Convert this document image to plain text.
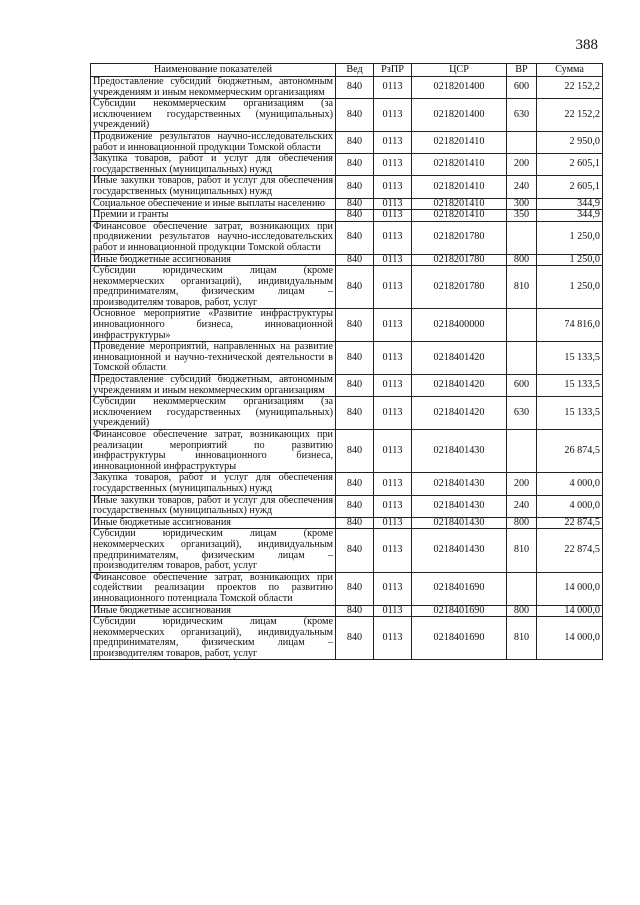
388
Наименование показателей	Вед	РзПР	ЦСР	ВР	Сумма
Предоставление субсидий бюджетным, автономным учреждениям и иным некоммерческим организациям	840	0113	0218201400	600	22 152,2
Субсидии некоммерческим организациям (за исключением государственных (муниципальных) учреждений)	840	0113	0218201400	630	22 152,2
Продвижение результатов научно-исследовательских работ и инновационной продукции Томской области	840	0113	0218201410		2 950,0
Закупка товаров, работ и услуг для обеспечения государственных (муниципальных) нужд	840	0113	0218201410	200	2 605,1
Иные закупки товаров, работ и услуг для обеспечения государственных (муниципальных) нужд	840	0113	0218201410	240	2 605,1
Социальное обеспечение и иные выплаты населению	840	0113	0218201410	300	344,9
Премии и гранты	840	0113	0218201410	350	344,9
Финансовое обеспечение затрат, возникающих при продвижении результатов научно-исследовательских работ и инновационной продукции Томской области	840	0113	0218201780		1 250,0
Иные бюджетные ассигнования	840	0113	0218201780	800	1 250,0
Субсидии юридическим лицам (кроме некоммерческих организаций), индивидуальным предпринимателям, физическим лицам – производителям товаров, работ, услуг	840	0113	0218201780	810	1 250,0
Основное мероприятие «Развитие инфраструктуры инновационного бизнеса, инновационной инфраструктуры»	840	0113	0218400000		74 816,0
Проведение мероприятий, направленных на развитие инновационной и научно-технической деятельности в Томской области	840	0113	0218401420		15 133,5
Предоставление субсидий бюджетным, автономным учреждениям и иным некоммерческим организациям	840	0113	0218401420	600	15 133,5
Субсидии некоммерческим организациям (за исключением государственных (муниципальных) учреждений)	840	0113	0218401420	630	15 133,5
Финансовое обеспечение затрат, возникающих при реализации мероприятий по развитию инфраструктуры инновационного бизнеса, инновационной инфраструктуры	840	0113	0218401430		26 874,5
Закупка товаров, работ и услуг для обеспечения государственных (муниципальных) нужд	840	0113	0218401430	200	4 000,0
Иные закупки товаров, работ и услуг для обеспечения государственных (муниципальных) нужд	840	0113	0218401430	240	4 000,0
Иные бюджетные ассигнования	840	0113	0218401430	800	22 874,5
Субсидии юридическим лицам (кроме некоммерческих организаций), индивидуальным предпринимателям, физическим лицам – производителям товаров, работ, услуг	840	0113	0218401430	810	22 874,5
Финансовое обеспечение затрат, возникающих при содействии реализации проектов по развитию инновационного потенциала Томской области	840	0113	0218401690		14 000,0
Иные бюджетные ассигнования	840	0113	0218401690	800	14 000,0
Субсидии юридическим лицам (кроме некоммерческих организаций), индивидуальным предпринимателям, физическим лицам – производителям товаров, работ, услуг	840	0113	0218401690	810	14 000,0
